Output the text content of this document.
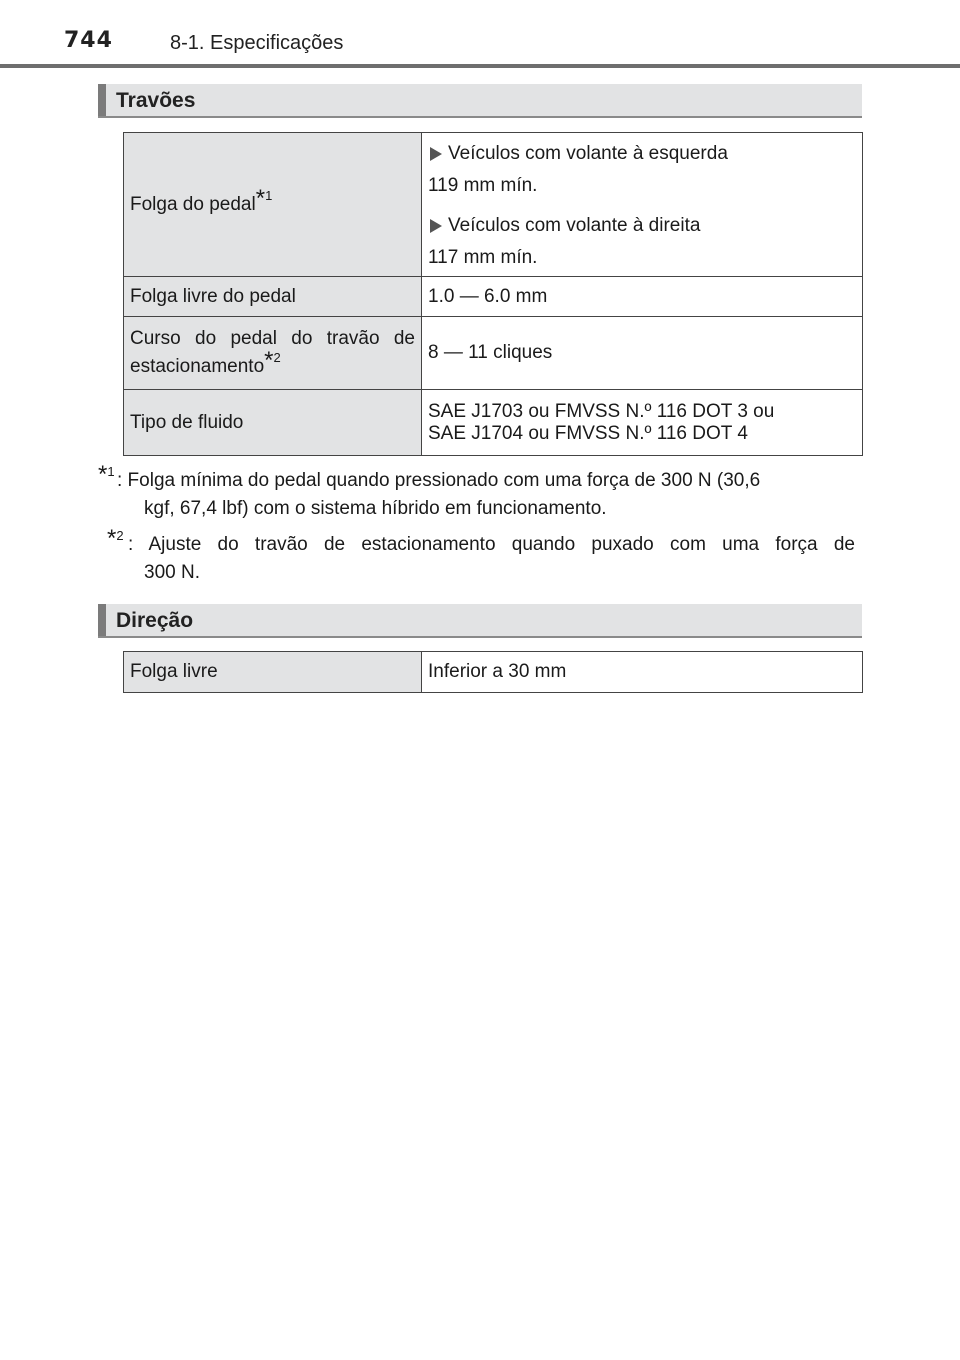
744	8-1. Especificações
Travões
Folga do pedal$^{*1}$	Veículos com volante à esquerda
119 mm mín.
Veículos com volante à direita
117 mm mín.

Folga livre do pedal	1.0 — 6.0 mm

Curso do pedal do travão de
estacionamento$^{*2}$	8 — 11 cliques
Tipo de fluido	SAE J1703 ou FMVSS N.º 116 DOT 3 ou
SAE J1704 ou FMVSS N.º 116 DOT 4
$^{*1}$ : Folga mínima do pedal quando pressionado com uma força de 300 N (30,6
kgf, 67,4 lbf) com o sistema híbrido em funcionamento.
$^{*2}$ : Ajuste do travão de estacionamento quando puxado com uma força de
300 N.
Direção
Folga livre	Inferior a 30 mm
